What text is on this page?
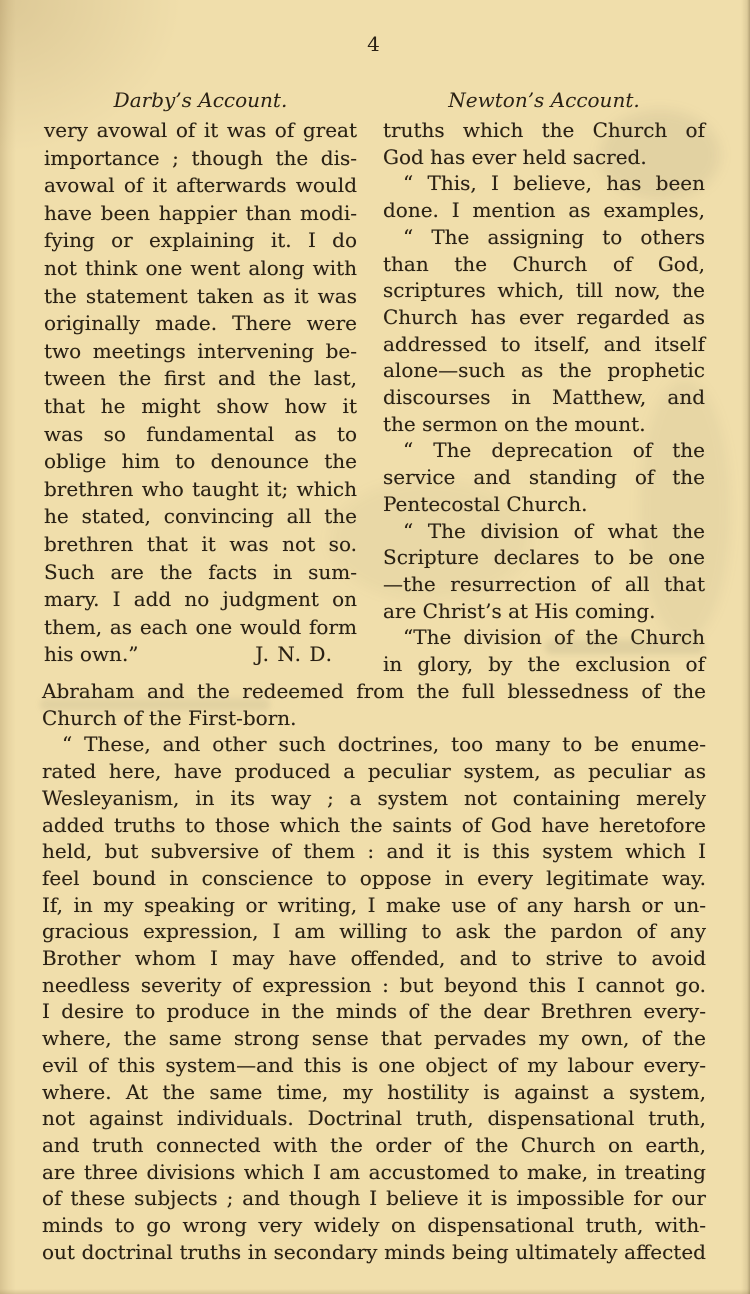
4
Darby’s Account.
very avowal of it was of great
importance ; though the dis-
avowal of it afterwards would
have been happier than modi-
fying or explaining it. I do
not think one went along with
the statement taken as it was
originally made. There were
two meetings intervening be-
tween the first and the last,
that he might show how it
was so fundamental as to
oblige him to denounce the
brethren who taught it; which
he stated, convincing all the
brethren that it was not so.
Such are the facts in sum-
mary. I add no judgment on
them, as each one would form
his own.”	J. N. D.
Newton’s Account.
truths which the Church of
God has ever held sacred.
“ This, I believe, has been
done. I mention as examples,
“ The assigning to others
than the Church of God,
scriptures which, till now, the
Church has ever regarded as
addressed to itself, and itself
alone—such as the prophetic
discourses in Matthew, and
the sermon on the mount.
“ The deprecation of the
service and standing of the
Pentecostal Church.
“ The division of what the
Scripture declares to be one
—the resurrection of all that
are Christ’s at His coming.
“The division of the Church
in glory, by the exclusion of
Abraham and the redeemed from the full blessedness of the
Church of the First-born.
“ These, and other such doctrines, too many to be enume-
rated here, have produced a peculiar system, as peculiar as
Wesleyanism, in its way ; a system not containing merely
added truths to those which the saints of God have heretofore
held, but subversive of them : and it is this system which I
feel bound in conscience to oppose in every legitimate way.
If, in my speaking or writing, I make use of any harsh or un-
gracious expression, I am willing to ask the pardon of any
Brother whom I may have offended, and to strive to avoid
needless severity of expression : but beyond this I cannot go.
I desire to produce in the minds of the dear Brethren every-
where, the same strong sense that pervades my own, of the
evil of this system—and this is one object of my labour every-
where. At the same time, my hostility is against a system,
not against individuals. Doctrinal truth, dispensational truth,
and truth connected with the order of the Church on earth,
are three divisions which I am accustomed to make, in treating
of these subjects ; and though I believe it is impossible for our
minds to go wrong very widely on dispensational truth, with-
out doctrinal truths in secondary minds being ultimately affected
